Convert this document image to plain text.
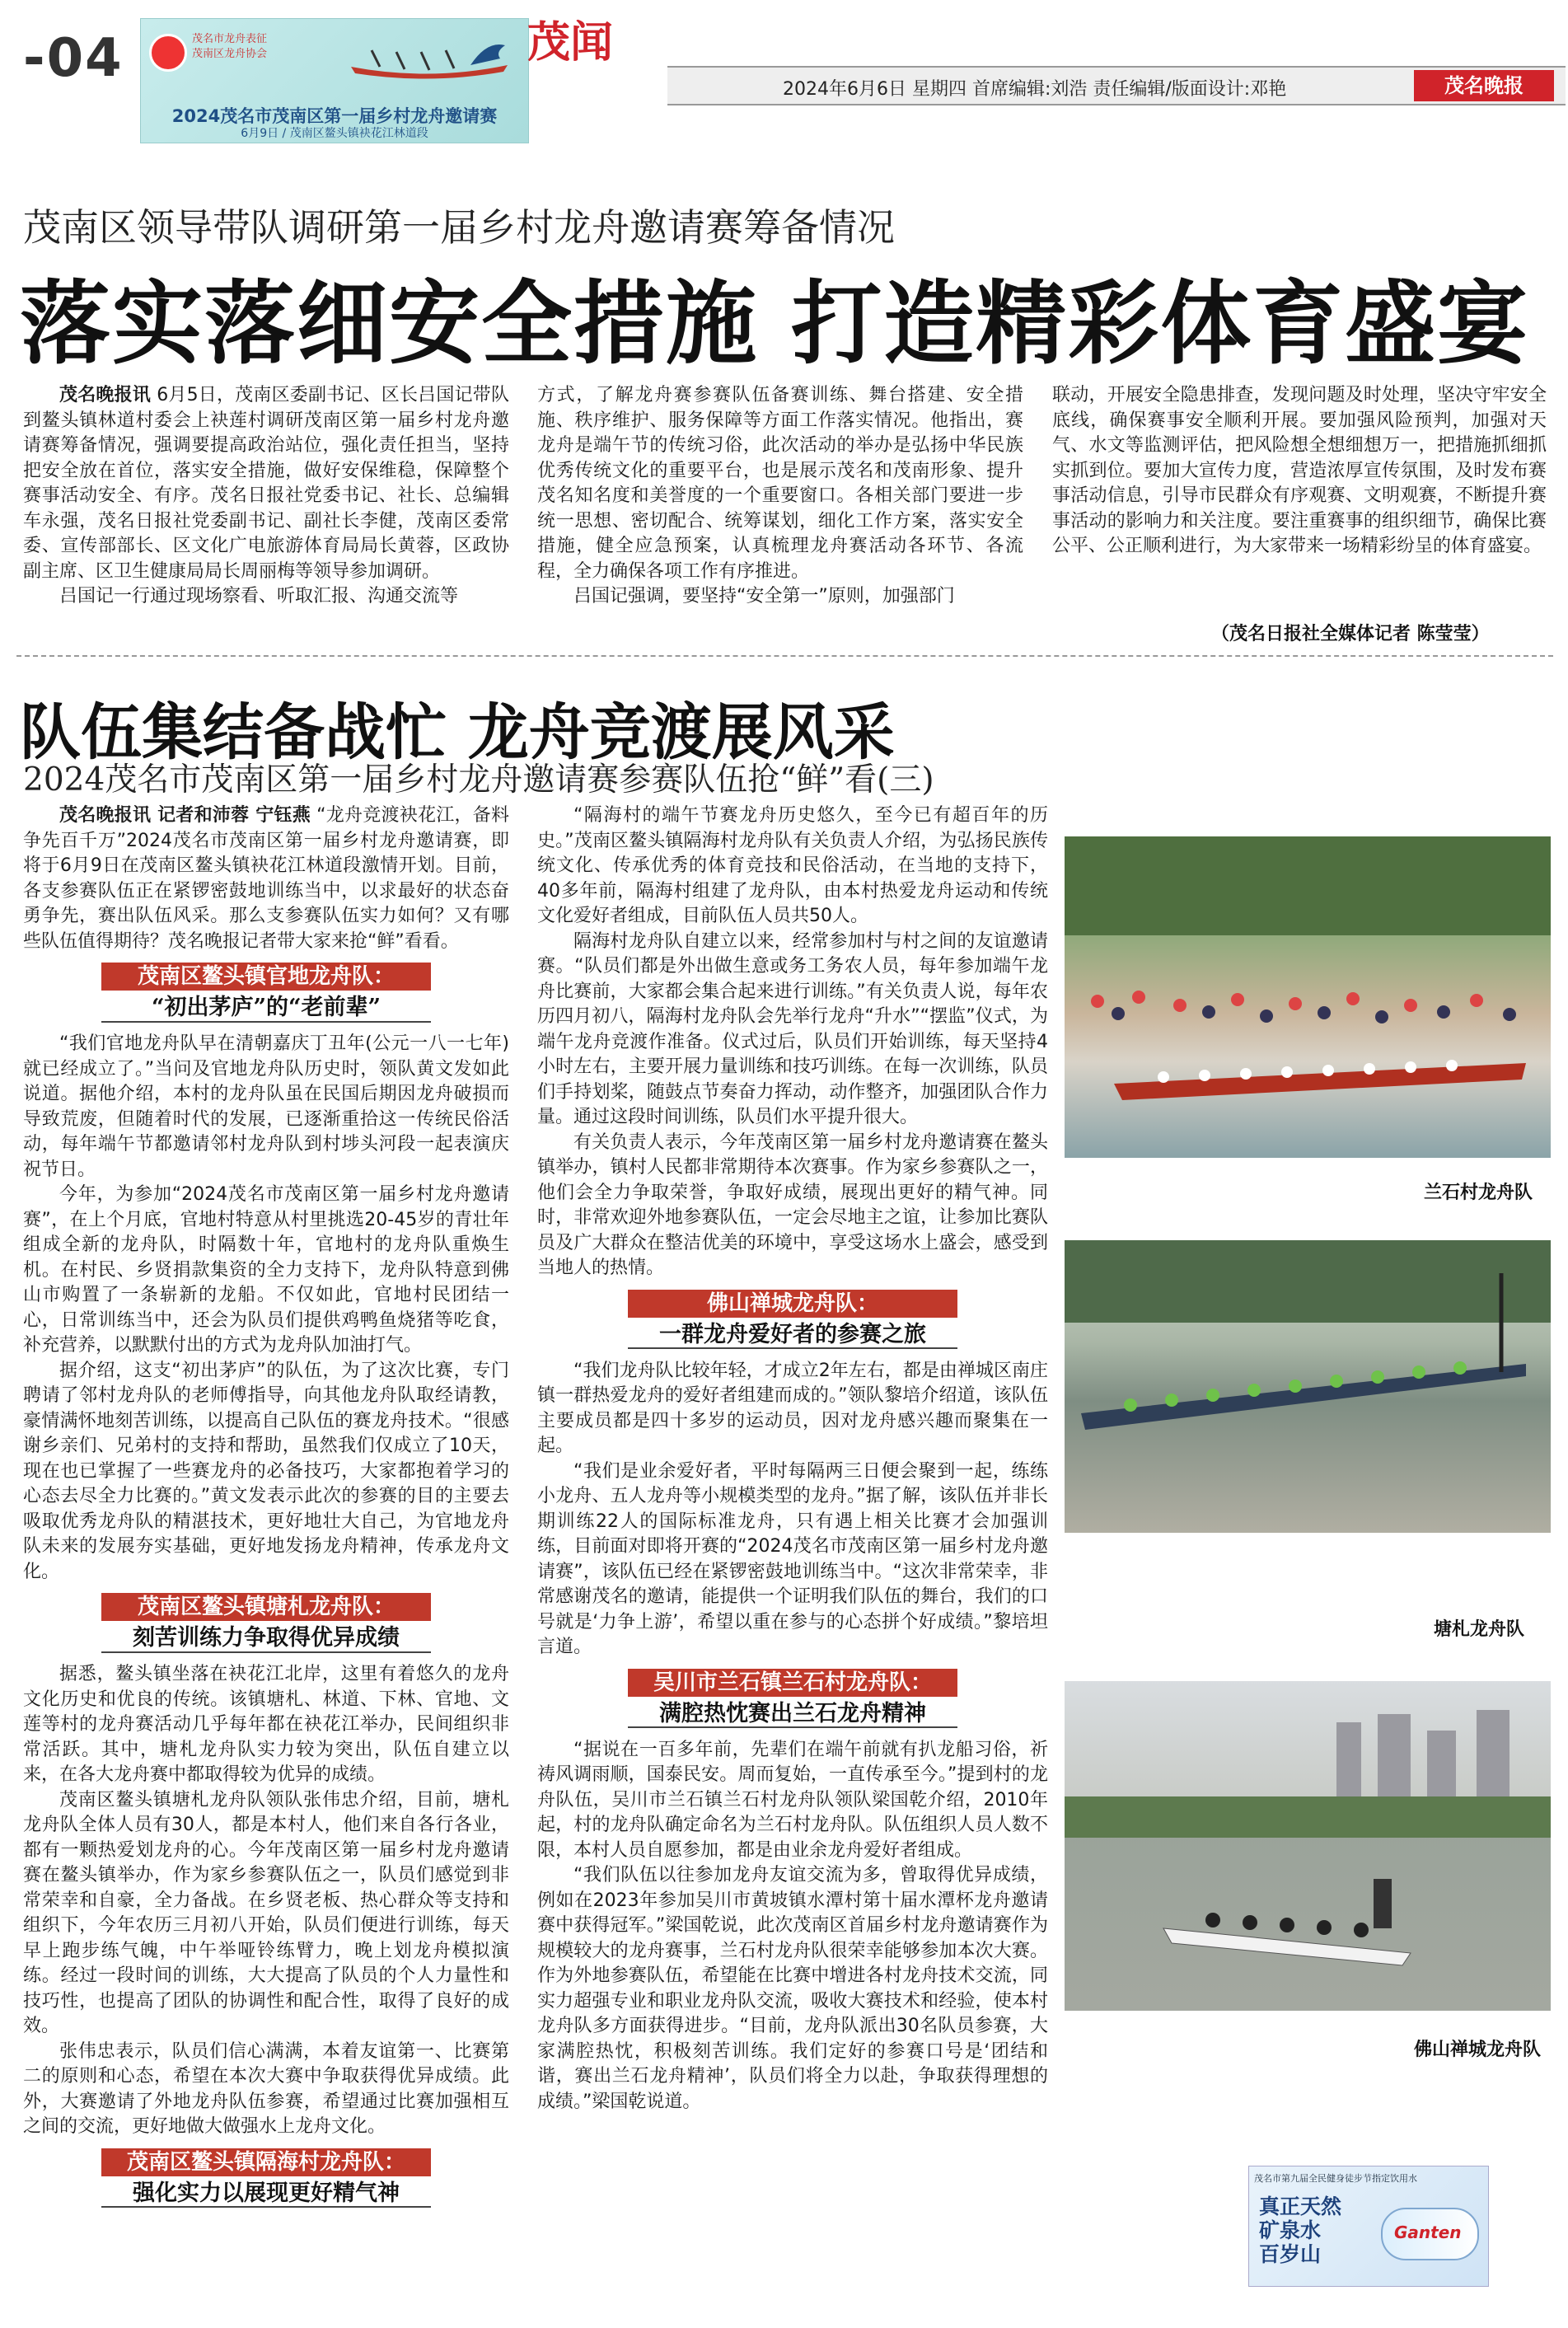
-04	茂名市龙舟表征
茂南区龙舟协会
2024茂名市茂南区第一届乡村龙舟邀请赛
6月9日 / 茂南区鳌头镇袂花江林道段
茂闻
2024年6月6日 星期四 首席编辑:刘浩 责任编辑/版面设计:邓艳	茂名晚报
茂南区领导带队调研第一届乡村龙舟邀请赛筹备情况
落实落细安全措施 打造精彩体育盛宴

茂名晚报讯 6月5日，茂南区委副书记、区长吕国记带队到鳌头镇林道村委会上袂莲村调研茂南区第一届乡村龙舟邀请赛筹备情况，强调要提高政治站位，强化责任担当，坚持把安全放在首位，落实安全措施，做好安保维稳，保障整个赛事活动安全、有序。茂名日报社党委书记、社长、总编辑车永强，茂名日报社党委副书记、副社长李健，茂南区委常委、宣传部部长、区文化广电旅游体育局局长黄蓉，区政协副主席、区卫生健康局局长周丽梅等领导参加调研。

吕国记一行通过现场察看、听取汇报、沟通交流等

方式，了解龙舟赛参赛队伍备赛训练、舞台搭建、安全措施、秩序维护、服务保障等方面工作落实情况。他指出，赛龙舟是端午节的传统习俗，此次活动的举办是弘扬中华民族优秀传统文化的重要平台，也是展示茂名和茂南形象、提升茂名知名度和美誉度的一个重要窗口。各相关部门要进一步统一思想、密切配合、统筹谋划，细化工作方案，落实安全措施，健全应急预案，认真梳理龙舟赛活动各环节、各流程，全力确保各项工作有序推进。

吕国记强调，要坚持“安全第一”原则，加强部门

联动，开展安全隐患排查，发现问题及时处理，坚决守牢安全底线，确保赛事安全顺利开展。要加强风险预判，加强对天气、水文等监测评估，把风险想全想细想万一，把措施抓细抓实抓到位。要加大宣传力度，营造浓厚宣传氛围，及时发布赛事活动信息，引导市民群众有序观赛、文明观赛，不断提升赛事活动的影响力和关注度。要注重赛事的组织细节，确保比赛公平、公正顺利进行，为大家带来一场精彩纷呈的体育盛宴。

（茂名日报社全媒体记者 陈莹莹）
队伍集结备战忙 龙舟竞渡展风采
2024茂名市茂南区第一届乡村龙舟邀请赛参赛队伍抢“鲜”看(三)

茂名晚报讯 记者和沛蓉 宁钰燕 “龙舟竞渡袂花江，备料争先百千万”2024茂名市茂南区第一届乡村龙舟邀请赛，即将于6月9日在茂南区鳌头镇袂花江林道段激情开划。目前，各支参赛队伍正在紧锣密鼓地训练当中，以求最好的状态奋勇争先，赛出队伍风采。那么支参赛队伍实力如何？又有哪些队伍值得期待？茂名晚报记者带大家来抢“鲜”看看。

茂南区鳌头镇官地龙舟队：
“初出茅庐”的“老前辈”

“我们官地龙舟队早在清朝嘉庆丁丑年(公元一八一七年)就已经成立了。”当问及官地龙舟队历史时，领队黄文发如此说道。据他介绍，本村的龙舟队虽在民国后期因龙舟破损而导致荒废，但随着时代的发展，已逐渐重拾这一传统民俗活动，每年端午节都邀请邻村龙舟队到村埗头河段一起表演庆祝节日。

今年，为参加“2024茂名市茂南区第一届乡村龙舟邀请赛”，在上个月底，官地村特意从村里挑选20-45岁的青壮年组成全新的龙舟队，时隔数十年，官地村的龙舟队重焕生机。在村民、乡贤捐款集资的全力支持下，龙舟队特意到佛山市购置了一条崭新的龙船。不仅如此，官地村民团结一心，日常训练当中，还会为队员们提供鸡鸭鱼烧猪等吃食，补充营养，以默默付出的方式为龙舟队加油打气。

据介绍，这支“初出茅庐”的队伍，为了这次比赛，专门聘请了邻村龙舟队的老师傅指导，向其他龙舟队取经请教，豪情满怀地刻苦训练，以提高自己队伍的赛龙舟技术。“很感谢乡亲们、兄弟村的支持和帮助，虽然我们仅成立了10天，现在也已掌握了一些赛龙舟的必备技巧，大家都抱着学习的心态去尽全力比赛的。”黄文发表示此次的参赛的目的主要去吸取优秀龙舟队的精湛技术，更好地壮大自己，为官地龙舟队未来的发展夯实基础，更好地发扬龙舟精神，传承龙舟文化。

茂南区鳌头镇塘札龙舟队：
刻苦训练力争取得优异成绩

据悉，鳌头镇坐落在袂花江北岸，这里有着悠久的龙舟文化历史和优良的传统。该镇塘札、林道、下林、官地、文莲等村的龙舟赛活动几乎每年都在袂花江举办，民间组织非常活跃。其中，塘札龙舟队实力较为突出，队伍自建立以来，在各大龙舟赛中都取得较为优异的成绩。

茂南区鳌头镇塘札龙舟队领队张伟忠介绍，目前，塘札龙舟队全体人员有30人，都是本村人，他们来自各行各业，都有一颗热爱划龙舟的心。今年茂南区第一届乡村龙舟邀请赛在鳌头镇举办，作为家乡参赛队伍之一，队员们感觉到非常荣幸和自豪，全力备战。在乡贤老板、热心群众等支持和组织下，今年农历三月初八开始，队员们便进行训练，每天早上跑步练气魄，中午举哑铃练臂力，晚上划龙舟模拟演练。经过一段时间的训练，大大提高了队员的个人力量性和技巧性，也提高了团队的协调性和配合性，取得了良好的成效。

张伟忠表示，队员们信心满满，本着友谊第一、比赛第二的原则和心态，希望在本次大赛中争取获得优异成绩。此外，大赛邀请了外地龙舟队伍参赛，希望通过比赛加强相互之间的交流，更好地做大做强水上龙舟文化。

茂南区鳌头镇隔海村龙舟队：
强化实力以展现更好精气神

“隔海村的端午节赛龙舟历史悠久，至今已有超百年的历史。”茂南区鳌头镇隔海村龙舟队有关负责人介绍，为弘扬民族传统文化、传承优秀的体育竞技和民俗活动，在当地的支持下，40多年前，隔海村组建了龙舟队，由本村热爱龙舟运动和传统文化爱好者组成，目前队伍人员共50人。

隔海村龙舟队自建立以来，经常参加村与村之间的友谊邀请赛。“队员们都是外出做生意或务工务农人员，每年参加端午龙舟比赛前，大家都会集合起来进行训练。”有关负责人说，每年农历四月初八，隔海村龙舟队会先举行龙舟“升水”“摆监”仪式，为端午龙舟竞渡作准备。仪式过后，队员们开始训练，每天坚持4小时左右，主要开展力量训练和技巧训练。在每一次训练，队员们手持划桨，随鼓点节奏奋力挥动，动作整齐，加强团队合作力量。通过这段时间训练，队员们水平提升很大。

有关负责人表示，今年茂南区第一届乡村龙舟邀请赛在鳌头镇举办，镇村人民都非常期待本次赛事。作为家乡参赛队之一，他们会全力争取荣誉，争取好成绩，展现出更好的精气神。同时，非常欢迎外地参赛队伍，一定会尽地主之谊，让参加比赛队员及广大群众在整洁优美的环境中，享受这场水上盛会，感受到当地人的热情。

佛山禅城龙舟队：
一群龙舟爱好者的参赛之旅

“我们龙舟队比较年轻，才成立2年左右，都是由禅城区南庄镇一群热爱龙舟的爱好者组建而成的。”领队黎培介绍道，该队伍主要成员都是四十多岁的运动员，因对龙舟感兴趣而聚集在一起。

“我们是业余爱好者，平时每隔两三日便会聚到一起，练练小龙舟、五人龙舟等小规模类型的龙舟。”据了解，该队伍并非长期训练22人的国际标准龙舟，只有遇上相关比赛才会加强训练，目前面对即将开赛的“2024茂名市茂南区第一届乡村龙舟邀请赛”，该队伍已经在紧锣密鼓地训练当中。“这次非常荣幸，非常感谢茂名的邀请，能提供一个证明我们队伍的舞台，我们的口号就是‘力争上游’，希望以重在参与的心态拼个好成绩。”黎培坦言道。

吴川市兰石镇兰石村龙舟队：
满腔热忱赛出兰石龙舟精神

“据说在一百多年前，先辈们在端午前就有扒龙船习俗，祈祷风调雨顺，国泰民安。周而复始，一直传承至今。”提到村的龙舟队伍，吴川市兰石镇兰石村龙舟队领队梁国乾介绍，2010年起，村的龙舟队确定命名为兰石村龙舟队。队伍组织人员人数不限，本村人员自愿参加，都是由业余龙舟爱好者组成。

“我们队伍以往参加龙舟友谊交流为多，曾取得优异成绩，例如在2023年参加吴川市黄坡镇水潭村第十届水潭杯龙舟邀请赛中获得冠军。”梁国乾说，此次茂南区首届乡村龙舟邀请赛作为规模较大的龙舟赛事，兰石村龙舟队很荣幸能够参加本次大赛。作为外地参赛队伍，希望能在比赛中增进各村龙舟技术交流，同实力超强专业和职业龙舟队交流，吸收大赛技术和经验，使本村龙舟队多方面获得进步。“目前，龙舟队派出30名队员参赛，大家满腔热忱，积极刻苦训练。我们定好的参赛口号是‘团结和谐，赛出兰石龙舟精神’，队员们将全力以赴，争取获得理想的成绩。”梁国乾说道。

兰石村龙舟队
塘札龙舟队
佛山禅城龙舟队
茂名市第九届全民健身徒步节指定饮用水
真正天然
矿泉水
百岁山
Ganten
